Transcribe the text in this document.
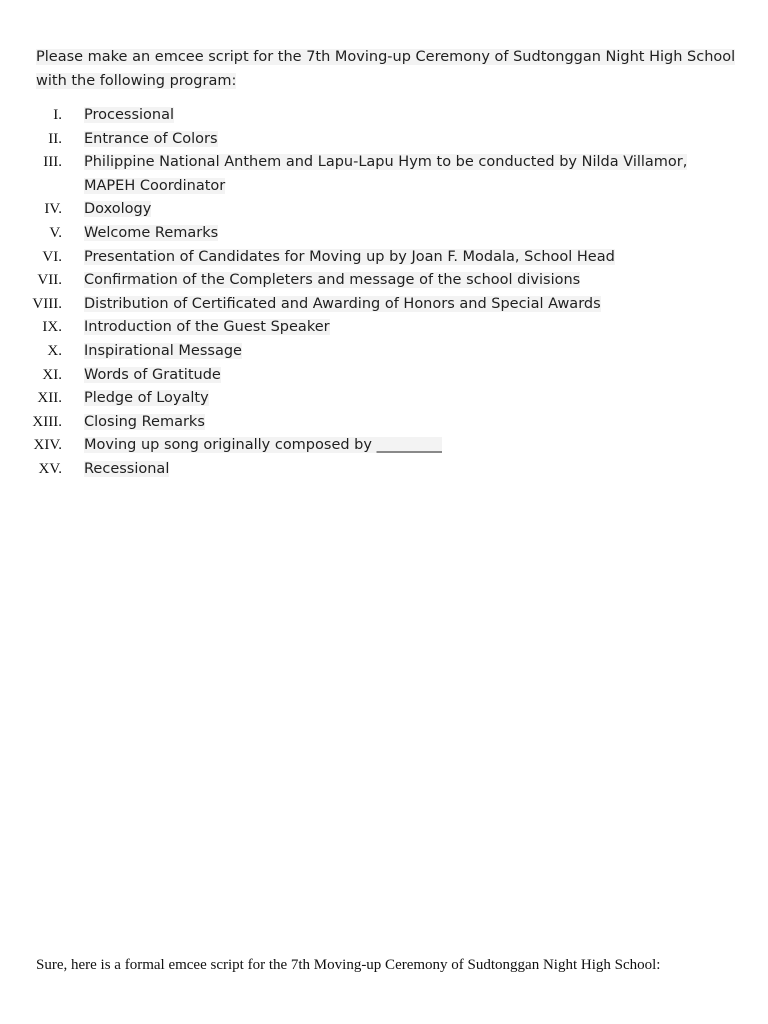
Please make an emcee script for the 7th Moving-up Ceremony of Sudtonggan Night High School with the following program:
I. Processional
II. Entrance of Colors
III. Philippine National Anthem and Lapu-Lapu Hym to be conducted by Nilda Villamor, MAPEH Coordinator
IV. Doxology
V. Welcome Remarks
VI. Presentation of Candidates for Moving up by Joan F. Modala, School Head
VII. Confirmation of the Completers and message of the school divisions
VIII. Distribution of Certificated and Awarding of Honors and Special Awards
IX. Introduction of the Guest Speaker
X. Inspirational Message
XI. Words of Gratitude
XII. Pledge of Loyalty
XIII. Closing Remarks
XIV. Moving up song originally composed by _________
XV. Recessional
Sure, here is a formal emcee script for the 7th Moving-up Ceremony of Sudtonggan Night High School:
